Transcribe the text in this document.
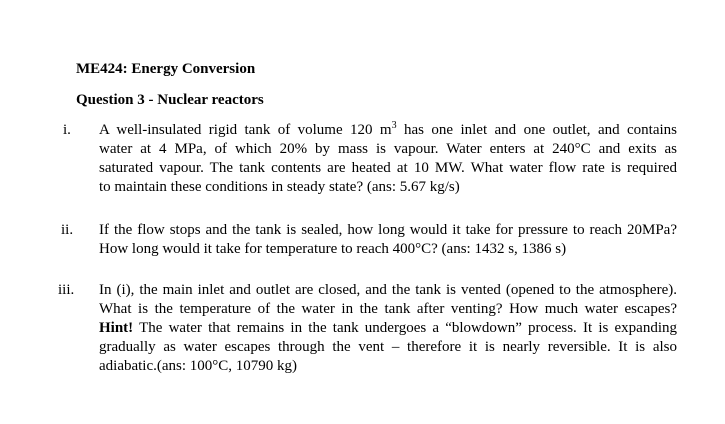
ME424: Energy Conversion
Question 3 - Nuclear reactors
i. A well-insulated rigid tank of volume 120 $m^3$ has one inlet and one outlet, and contains
water at 4 MPa, of which 20% by mass is vapour. Water enters at 240°C and exits as
saturated vapour. The tank contents are heated at 10 MW. What water flow rate is required
to maintain these conditions in steady state? (ans: 5.67 kg/s)
ii. If the flow stops and the tank is sealed, how long would it take for pressure to reach 20MPa?
How long would it take for temperature to reach 400°C? (ans: 1432 s, 1386 s)
iii. In (i), the main inlet and outlet are closed, and the tank is vented (opened to the atmosphere).
What is the temperature of the water in the tank after venting? How much water escapes?
Hint! The water that remains in the tank undergoes a “blowdown” process. It is expanding
gradually as water escapes through the vent – therefore it is nearly reversible. It is also
adiabatic.(ans: 100°C, 10790 kg)
